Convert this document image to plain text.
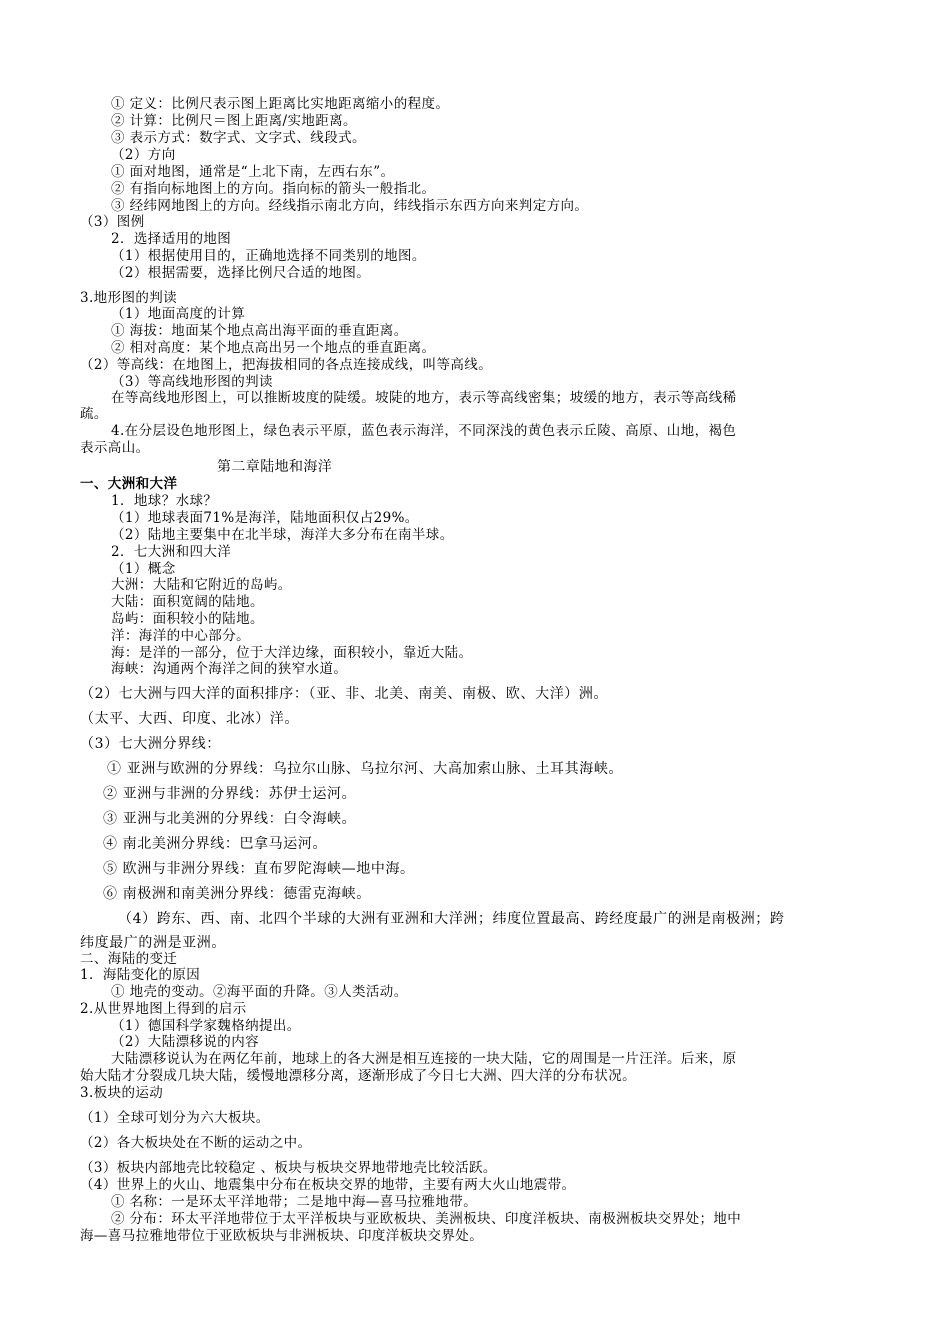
① 定义：比例尺表示图上距离比实地距离缩小的程度。
② 计算：比例尺＝图上距离/实地距离。
③ 表示方式：数字式、文字式、线段式。
（2）方向
① 面对地图，通常是“上北下南，左西右东”。
② 有指向标地图上的方向。指向标的箭头一般指北。
③ 经纬网地图上的方向。经线指示南北方向，纬线指示东西方向来判定方向。
（3）图例
2．选择适用的地图
（1）根据使用目的，正确地选择不同类别的地图。
（2）根据需要，选择比例尺合适的地图。
3.地形图的判读
（1）地面高度的计算
① 海拔：地面某个地点高出海平面的垂直距离。
② 相对高度：某个地点高出另一个地点的垂直距离。
（2）等高线：在地图上，把海拔相同的各点连接成线，叫等高线。
（3）等高线地形图的判读
在等高线地形图上，可以推断坡度的陡缓。坡陡的地方，表示等高线密集；坡缓的地方，表示等高线稀
疏。
4.在分层设色地形图上，绿色表示平原，蓝色表示海洋，不同深浅的黄色表示丘陵、高原、山地，褐色
表示高山。
第二章陆地和海洋
一、大洲和大洋
1．地球？水球？
（1）地球表面71%是海洋，陆地面积仅占29%。
（2）陆地主要集中在北半球，海洋大多分布在南半球。
2．七大洲和四大洋
（1）概念
大洲：大陆和它附近的岛屿。
大陆：面积宽阔的陆地。
岛屿：面积较小的陆地。
洋：海洋的中心部分。
海：是洋的一部分，位于大洋边缘，面积较小，靠近大陆。
海峡：沟通两个海洋之间的狭窄水道。
（2）七大洲与四大洋的面积排序：（亚、非、北美、南美、南极、欧、大洋）洲。
（太平、大西、印度、北冰）洋。
（3）七大洲分界线：
① 亚洲与欧洲的分界线：乌拉尔山脉、乌拉尔河、大高加索山脉、土耳其海峡。
② 亚洲与非洲的分界线：苏伊士运河。
③ 亚洲与北美洲的分界线：白令海峡。
④ 南北美洲分界线：巴拿马运河。
⑤ 欧洲与非洲分界线：直布罗陀海峡—地中海。
⑥ 南极洲和南美洲分界线：德雷克海峡。
（4）跨东、西、南、北四个半球的大洲有亚洲和大洋洲；纬度位置最高、跨经度最广的洲是南极洲；跨
纬度最广的洲是亚洲。
二、海陆的变迁
1．海陆变化的原因
① 地壳的变动。②海平面的升降。③人类活动。
2.从世界地图上得到的启示
（1）德国科学家魏格纳提出。
（2）大陆漂移说的内容
大陆漂移说认为在两亿年前，地球上的各大洲是相互连接的一块大陆，它的周围是一片汪洋。后来，原
始大陆才分裂成几块大陆，缓慢地漂移分离，逐渐形成了今日七大洲、四大洋的分布状况。
3.板块的运动
（1）全球可划分为六大板块。
（2）各大板块处在不断的运动之中。
（3）板块内部地壳比较稳定 、板块与板块交界地带地壳比较活跃。
（4）世界上的火山、地震集中分布在板块交界的地带，主要有两大火山地震带。
① 名称：一是环太平洋地带；二是地中海—喜马拉雅地带。
② 分布：环太平洋地带位于太平洋板块与亚欧板块、美洲板块、印度洋板块、南极洲板块交界处；地中
海—喜马拉雅地带位于亚欧板块与非洲板块、印度洋板块交界处。
